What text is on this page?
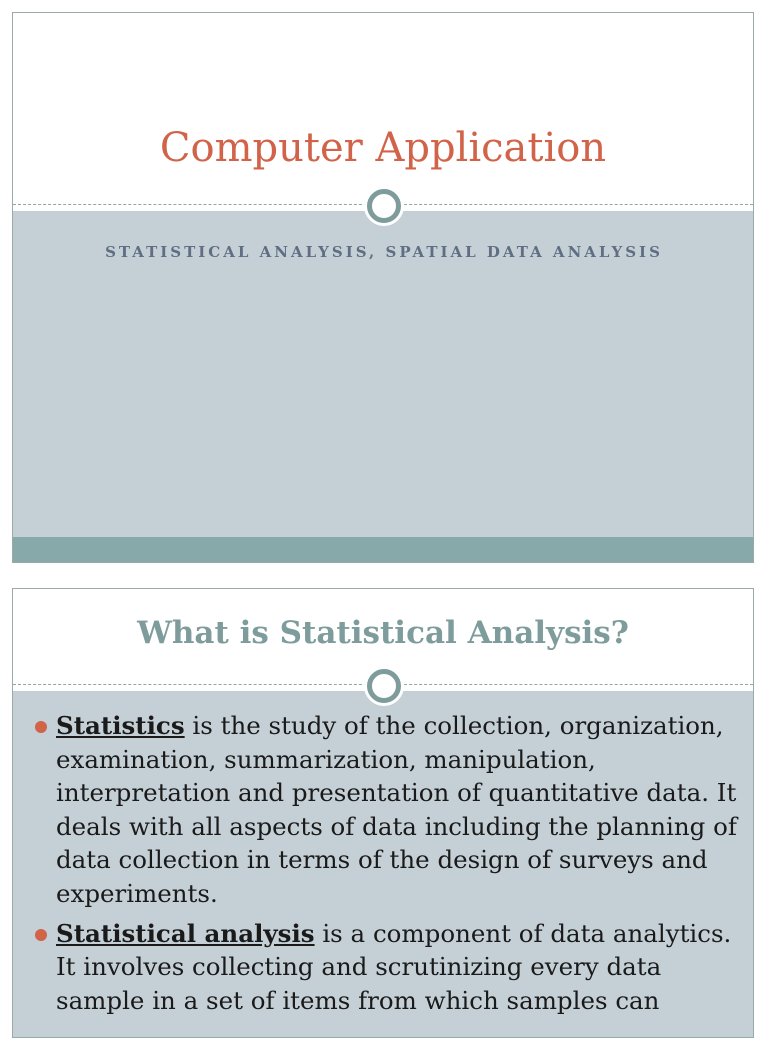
Computer Application
STATISTICAL ANALYSIS, SPATIAL DATA ANALYSIS
What is Statistical Analysis?
Statistics is the study of the collection, organization, examination, summarization, manipulation, interpretation and presentation of quantitative data. It deals with all aspects of data including the planning of data collection in terms of the design of surveys and experiments.
Statistical analysis is a component of data analytics. It involves collecting and scrutinizing every data sample in a set of items from which samples can
